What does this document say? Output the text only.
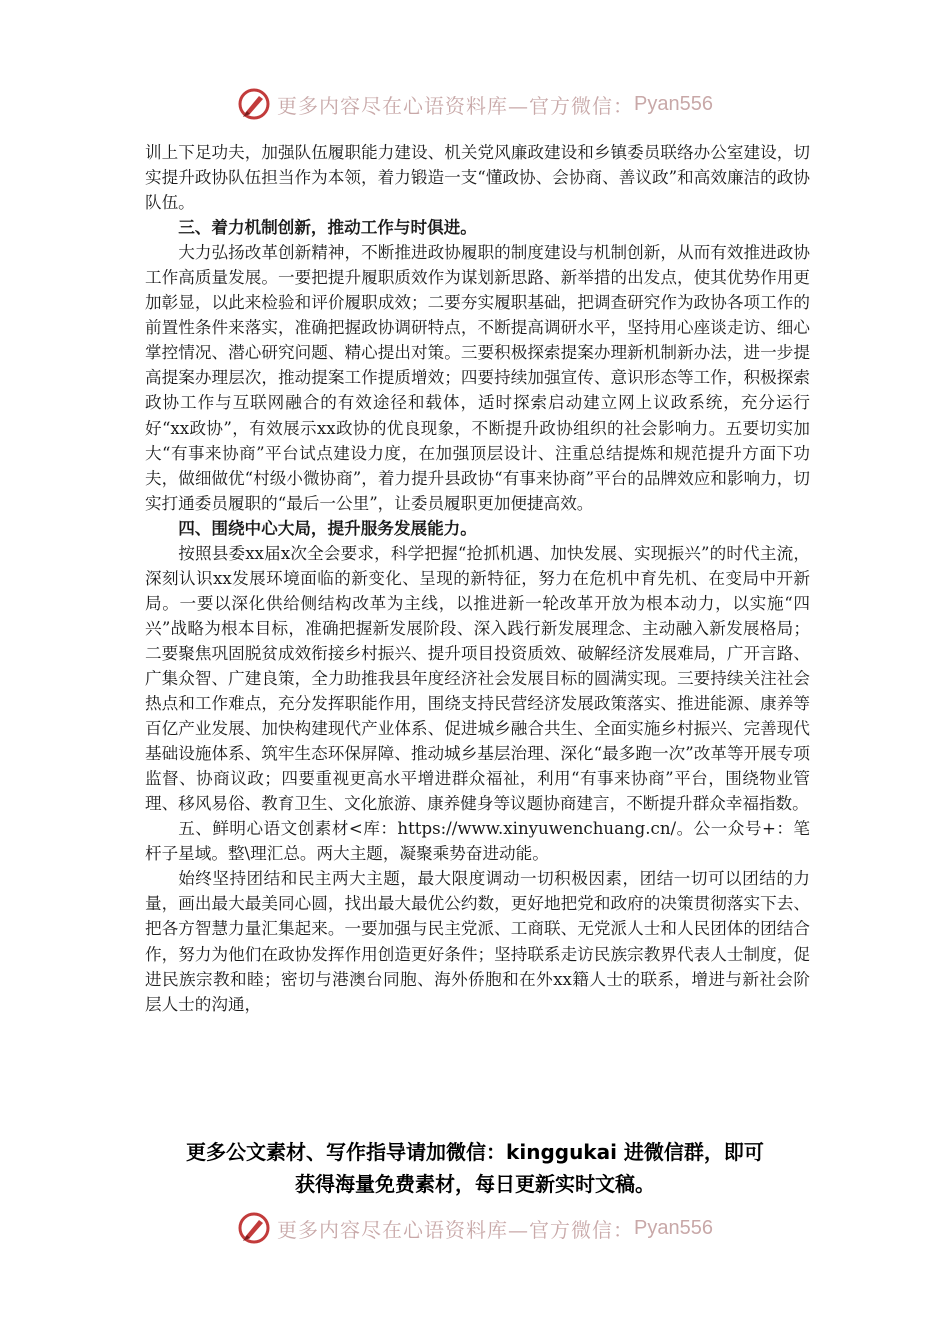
更多内容尽在心语资料库—官方微信： Pyan556

训上下足功夫，加强队伍履职能力建设、机关党风廉政建设和乡镇委员联络办公室建设，切实提升政协队伍担当作为本领，着力锻造一支“懂政协、会协商、善议政”和高效廉洁的政协队伍。

三、着力机制创新，推动工作与时俱进。

大力弘扬改革创新精神，不断推进政协履职的制度建设与机制创新，从而有效推进政协工作高质量发展。一要把提升履职质效作为谋划新思路、新举措的出发点，使其优势作用更加彰显，以此来检验和评价履职成效；二要夯实履职基础，把调查研究作为政协各项工作的前置性条件来落实，准确把握政协调研特点，不断提高调研水平，坚持用心座谈走访、细心掌控情况、潜心研究问题、精心提出对策。三要积极探索提案办理新机制新办法，进一步提高提案办理层次，推动提案工作提质增效；四要持续加强宣传、意识形态等工作，积极探索政协工作与互联网融合的有效途径和载体，适时探索启动建立网上议政系统，充分运行好“xx政协”，有效展示xx政协的优良现象，不断提升政协组织的社会影响力。五要切实加大“有事来协商”平台试点建设力度，在加强顶层设计、注重总结提炼和规范提升方面下功夫，做细做优“村级小微协商”，着力提升县政协“有事来协商”平台的品牌效应和影响力，切实打通委员履职的“最后一公里”，让委员履职更加便捷高效。

四、围绕中心大局，提升服务发展能力。

按照县委xx届x次全会要求，科学把握“抢抓机遇、加快发展、实现振兴”的时代主流，深刻认识xx发展环境面临的新变化、呈现的新特征，努力在危机中育先机、在变局中开新局。一要以深化供给侧结构改革为主线，以推进新一轮改革开放为根本动力，以实施“四兴”战略为根本目标，准确把握新发展阶段、深入践行新发展理念、主动融入新发展格局；二要聚焦巩固脱贫成效衔接乡村振兴、提升项目投资质效、破解经济发展难局，广开言路、广集众智、广建良策，全力助推我县年度经济社会发展目标的圆满实现。三要持续关注社会热点和工作难点，充分发挥职能作用，围绕支持民营经济发展政策落实、推进能源、康养等百亿产业发展、加快构建现代产业体系、促进城乡融合共生、全面实施乡村振兴、完善现代基础设施体系、筑牢生态环保屏障、推动城乡基层治理、深化“最多跑一次”改革等开展专项监督、协商议政；四要重视更高水平增进群众福祉，利用“有事来协商”平台，围绕物业管理、移风易俗、教育卫生、文化旅游、康养健身等议题协商建言，不断提升群众幸福指数。

五、鲜明心语文创素材<库：https://www.xinyuwenchuang.cn/。公一众号+：笔杆子星域。整\理汇总。两大主题，凝聚乘势奋进动能。

始终坚持团结和民主两大主题，最大限度调动一切积极因素，团结一切可以团结的力量，画出最大最美同心圆，找出最大最优公约数，更好地把党和政府的决策贯彻落实下去、把各方智慧力量汇集起来。一要加强与民主党派、工商联、无党派人士和人民团体的团结合作，努力为他们在政协发挥作用创造更好条件；坚持联系走访民族宗教界代表人士制度，促进民族宗教和睦；密切与港澳台同胞、海外侨胞和在外xx籍人士的联系，增进与新社会阶层人士的沟通，

更多公文素材、写作指导请加微信：kinggukai 进微信群，即可
获得海量免费素材，每日更新实时文稿。
更多内容尽在心语资料库—官方微信： Pyan556
